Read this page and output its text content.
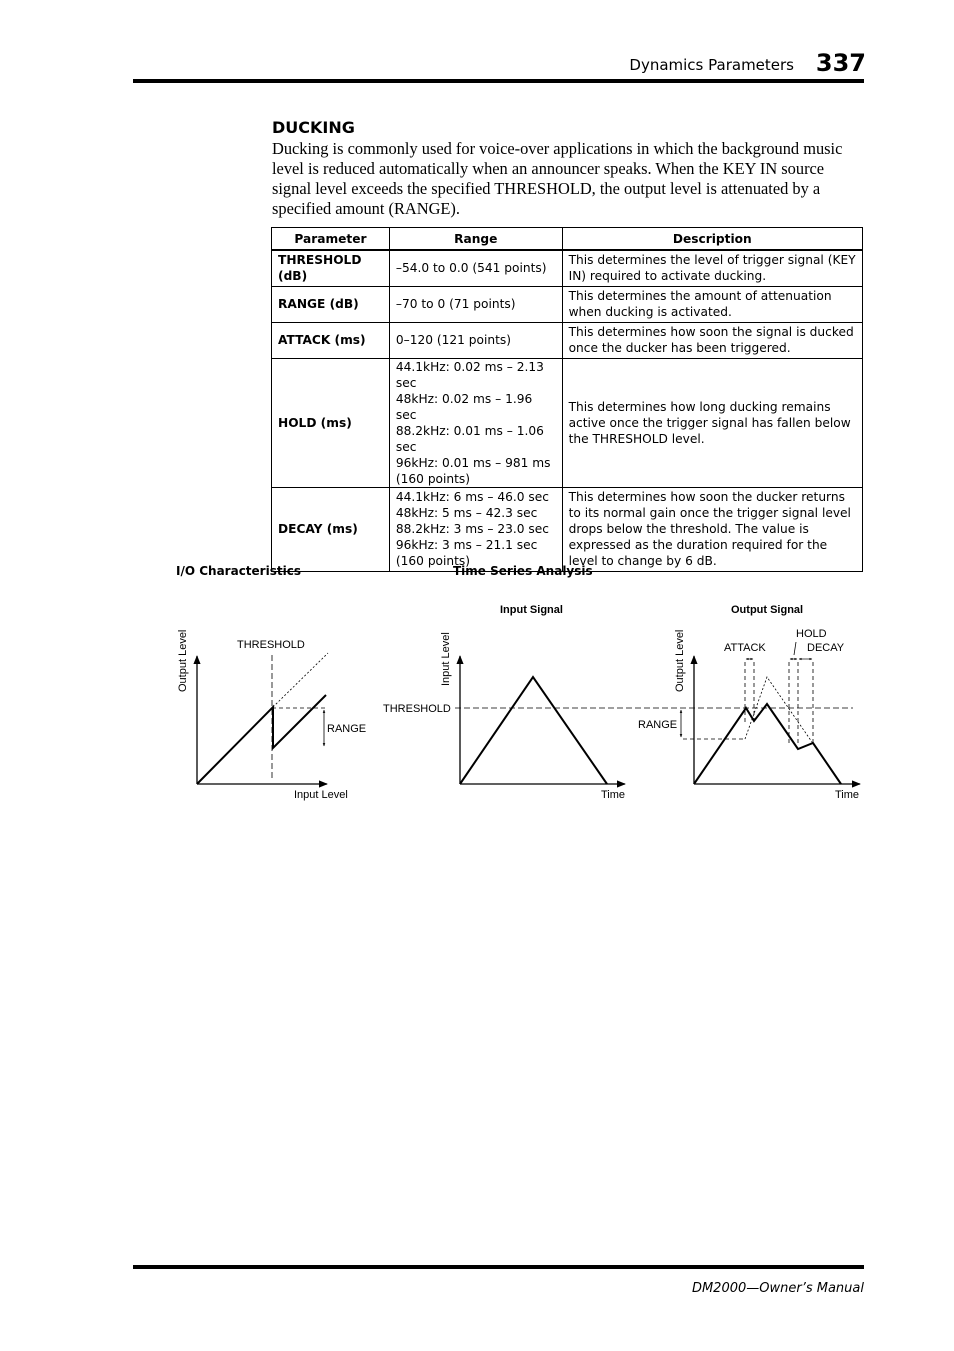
Dynamics Parameters 337
DUCKING

Ducking is commonly used for voice-over applications in which the background music level is reduced automatically when an announcer speaks. When the KEY IN source signal level exceeds the specified THRESHOLD, the output level is attenuated by a specified amount (RANGE).

Parameter	Range	Description
THRESHOLD (dB)	–54.0 to 0.0 (541 points)	This determines the level of trigger signal (KEY IN) required to activate ducking.
RANGE (dB)	–70 to 0 (71 points)	This determines the amount of attenuation when ducking is activated.
ATTACK (ms)	0–120 (121 points)	This determines how soon the signal is ducked once the ducker has been triggered.
HOLD (ms)	44.1kHz: 0.02 ms – 2.13 sec
48kHz: 0.02 ms – 1.96 sec
88.2kHz: 0.01 ms – 1.06 sec
96kHz: 0.01 ms – 981 ms
(160 points)	This determines how long ducking remains active once the trigger signal has fallen below the THRESHOLD level.
DECAY (ms)	44.1kHz: 6 ms – 46.0 sec
48kHz: 5 ms – 42.3 sec
88.2kHz: 3 ms – 23.0 sec
96kHz: 3 ms – 21.1 sec
(160 points)	This determines how soon the ducker returns to its normal gain once the trigger signal level drops below the threshold. The value is expressed as the duration required for the level to change by 6 dB.
I/O Characteristics	Time Series Analysis
Output Level
Input Level
THRESHOLD
RANGE
Input Signal
Input Level
Time
THRESHOLD
Output Signal
Output Level
Time
RANGE
ATTACK
HOLD
DECAY
DM2000—Owner’s Manual
